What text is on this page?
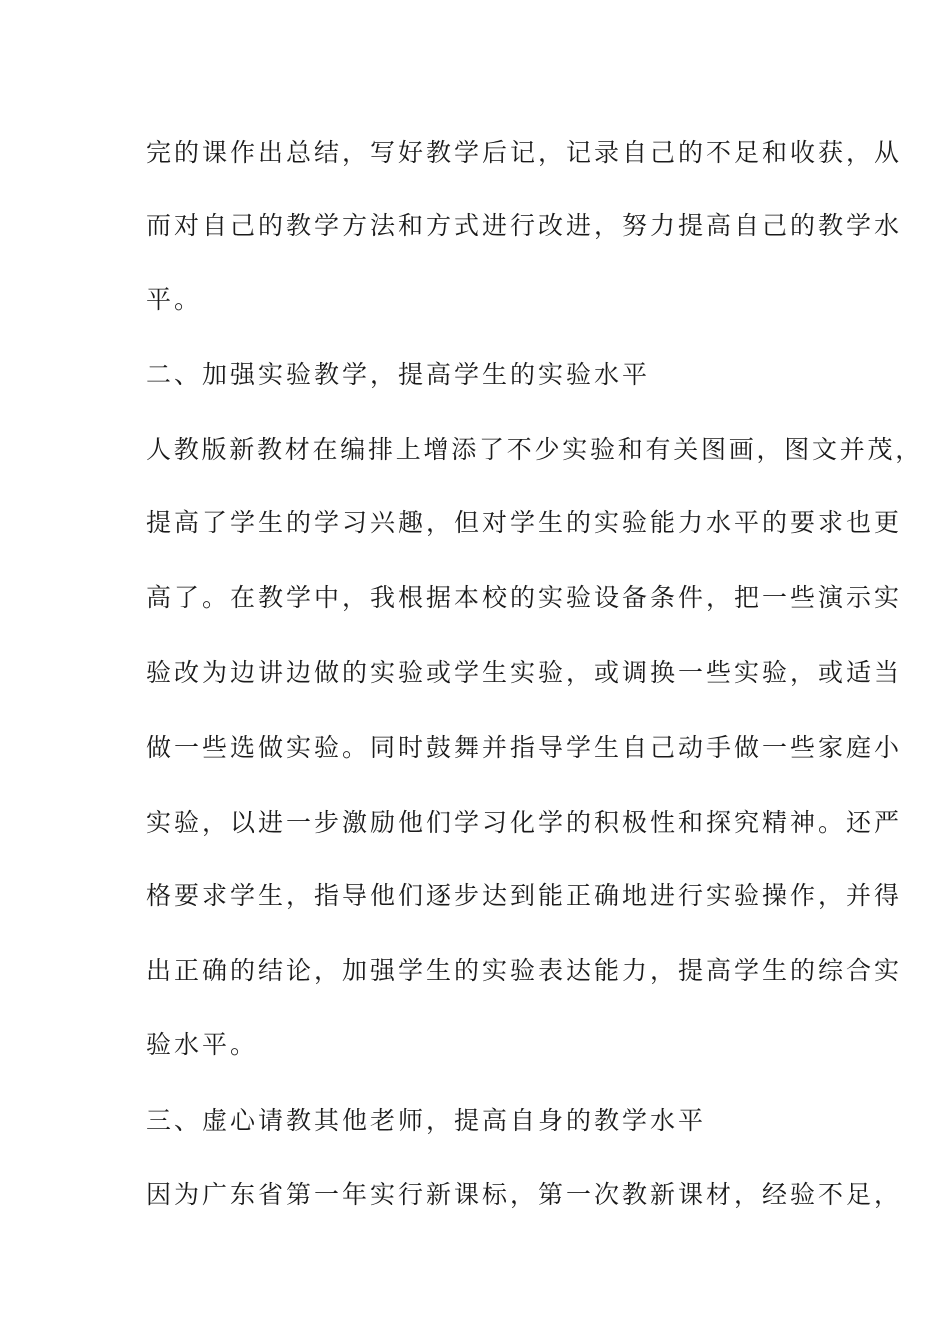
完的课作出总结，写好教学后记，记录自己的不足和收获，从
而对自己的教学方法和方式进行改进，努力提高自己的教学水
平。
二、加强实验教学，提高学生的实验水平
人教版新教材在编排上增添了不少实验和有关图画，图文并茂，
提高了学生的学习兴趣，但对学生的实验能力水平的要求也更
高了。在教学中，我根据本校的实验设备条件，把一些演示实
验改为边讲边做的实验或学生实验，或调换一些实验，或适当
做一些选做实验。同时鼓舞并指导学生自己动手做一些家庭小
实验，以进一步激励他们学习化学的积极性和探究精神。还严
格要求学生，指导他们逐步达到能正确地进行实验操作，并得
出正确的结论，加强学生的实验表达能力，提高学生的综合实
验水平。
三、虚心请教其他老师，提高自身的教学水平
因为广东省第一年实行新课标，第一次教新课材，经验不足，
